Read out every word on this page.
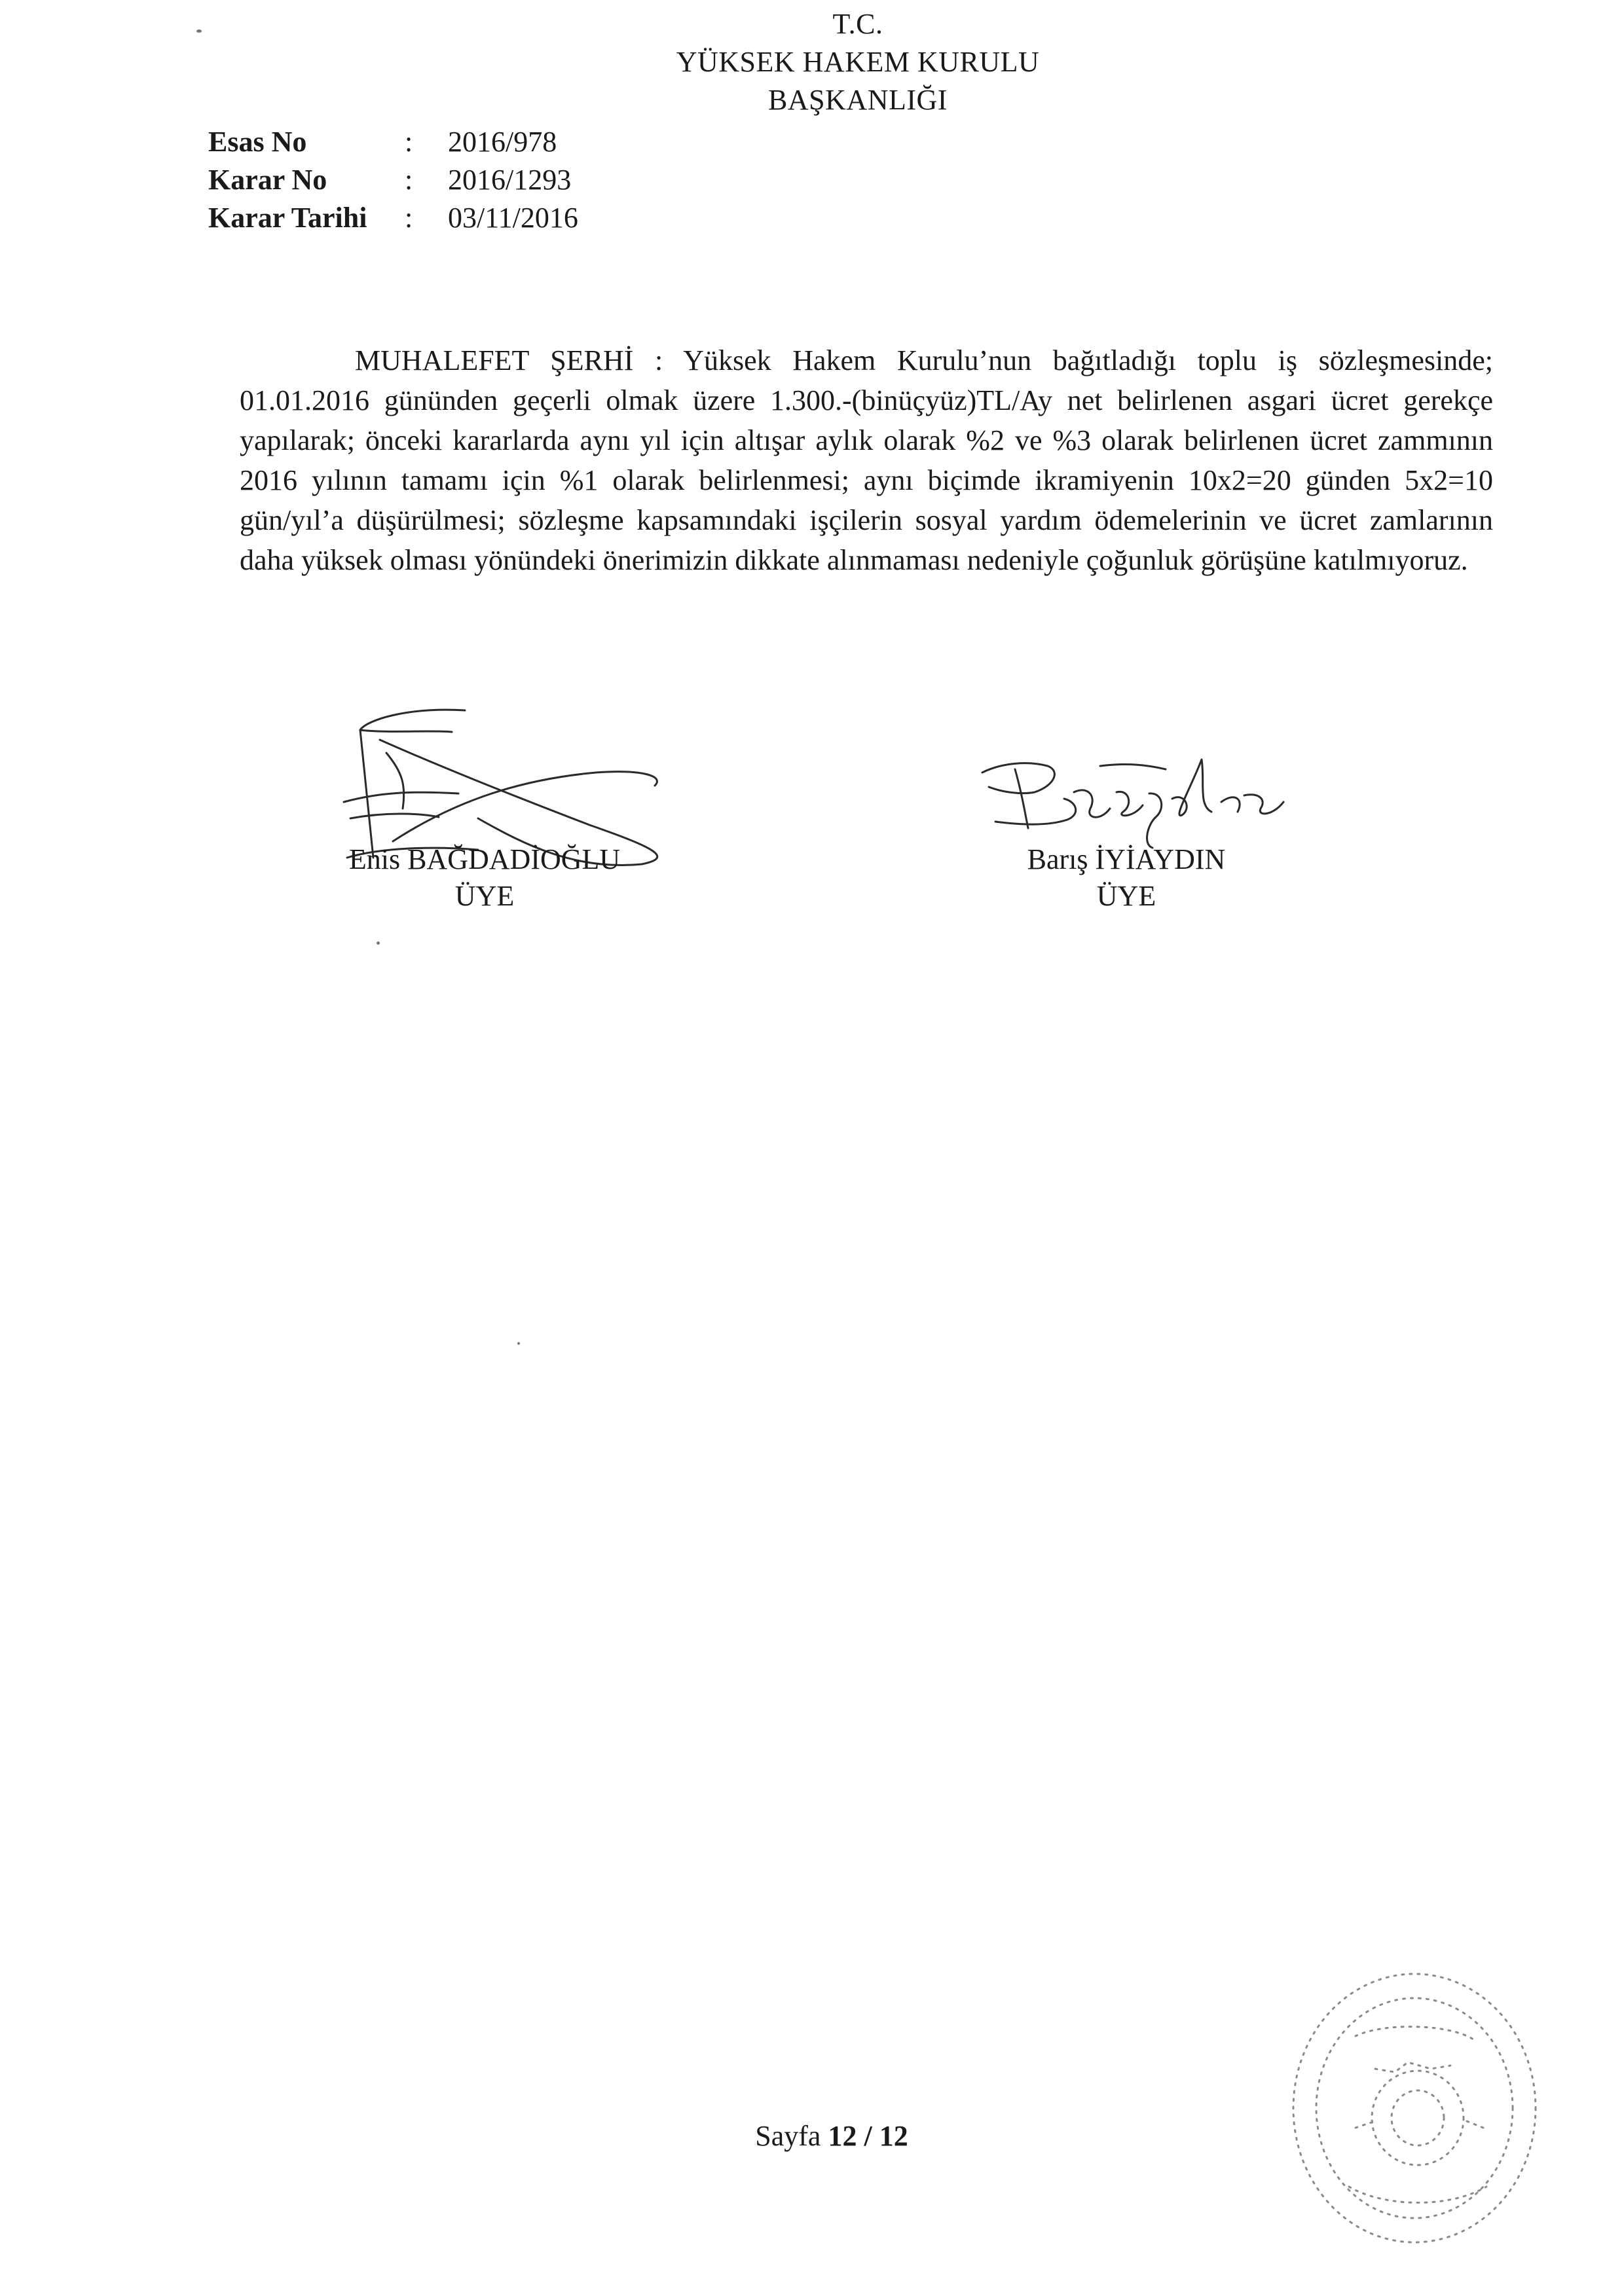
T.C.
YÜKSEK HAKEM KURULU
BAŞKANLIĞI
Esas No	:	2016/978
Karar No	:	2016/1293
Karar Tarihi	:	03/11/2016

MUHALEFET ŞERHİ : Yüksek Hakem Kurulu’nun bağıtladığı toplu iş sözleşmesinde; 01.01.2016 gününden geçerli olmak üzere 1.300.-(binüçyüz)TL/Ay net belirlenen asgari ücret gerekçe yapılarak; önceki kararlarda aynı yıl için altışar aylık olarak %2 ve %3 olarak belirlenen ücret zammının 2016 yılının tamamı için %1 olarak belirlenmesi; aynı biçimde ikramiyenin 10x2=20 günden 5x2=10 gün/yıl’a düşürülmesi; sözleşme kapsamındaki işçilerin sosyal yardım ödemelerinin ve ücret zamlarının daha yüksek olması yönündeki önerimizin dikkate alınmaması nedeniyle çoğunluk görüşüne katılmıyoruz.

Enis BAĞDADİOĞLU
ÜYE
Barış İYİAYDIN
ÜYE
Sayfa 12 / 12
